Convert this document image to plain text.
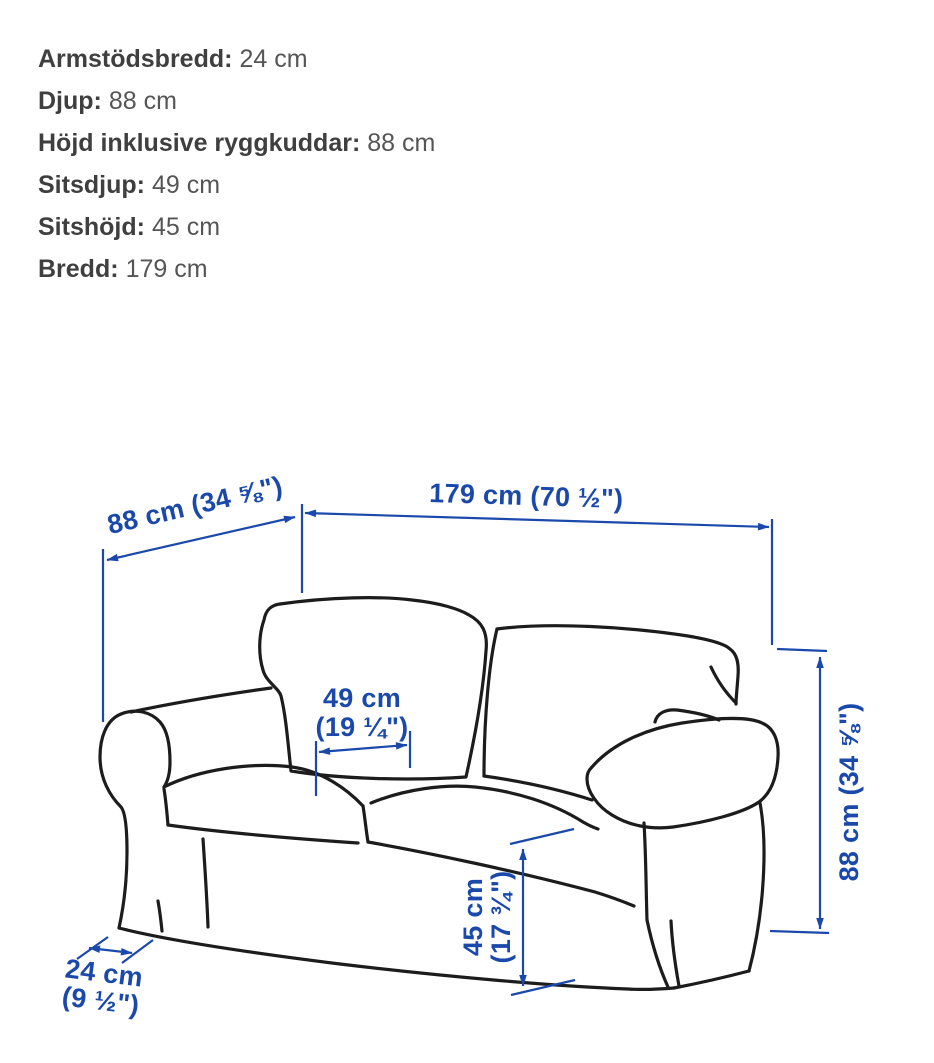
Armstödsbredd: 24 cm
Djup: 88 cm
Höjd inklusive ryggkuddar: 88 cm
Sitsdjup: 49 cm
Sitshöjd: 45 cm
Bredd: 179 cm
88 cm (34 ⅝")	179 cm (70 ½")
88 cm (34 ⅝")
49 cm
(19 ¼")
45 cm
(17 ¾")
24 cm
(9 ½")
